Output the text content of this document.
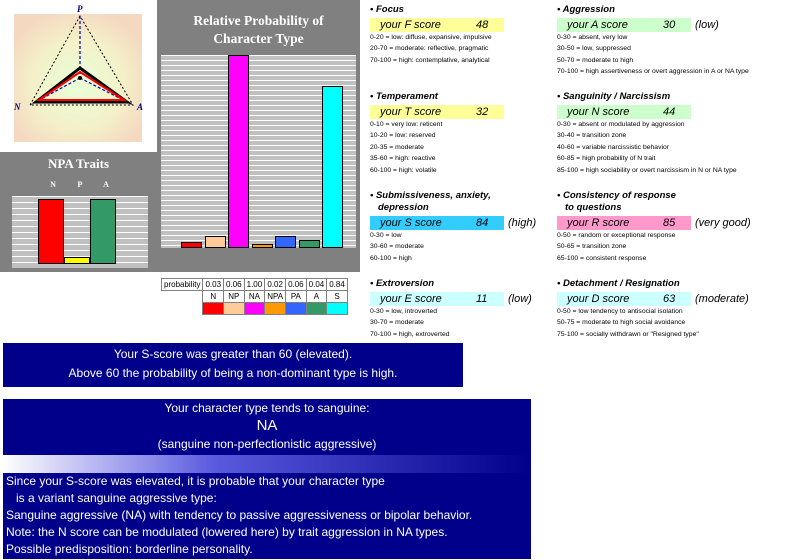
P
N	A
NPA Traits
N	P	A
Relative Probability of
Character Type
probability	0.03	0.06	1.00	0.02	0.06	0.04	0.84
	N	NP	NA	NPA	PA	A	S

• Focus
your F score	48
0-20 = low: diffuse, expansive, impulsive
20-70 = moderate: reflective, pragmatic
70-100 = high: contemplative, analytical
• Temperament
your T score	32
0-10 = very low: reticent
10-20 = low: reserved
20-35 = moderate
35-60 = high: reactive
60-100 = high: volatile
• Submissiveness, anxiety,
depression
your S score	84 (high)
0-30 = low
30-60 = moderate
60-100 = high
• Extroversion
your E score	11 (low)
0-30 = low, introverted
30-70 = moderate
70-100 = high, extroverted
• Aggression
your A score	30 (low)
0-30 = absent, very low
30-50 = low, suppressed
50-70 = moderate to high
70-100 = high assertiveness or overt aggression in A or NA type
• Sanguinity / Narcissism
your N score	44
0-30 = absent or modulated by aggression
30-40 = transition zone
40-60 = variable narcissistic behavior
60-85 = high probability of N trait
85-100 = high sociability or overt narcissism in N or NA type
• Consistency of response
to questions
your R score	85 (very good)
0-50 = random or exceptional response
50-65 = transition zone
65-100 = consistent response
• Detachment / Resignation
your D score	63 (moderate)
0-50 = low tendency to antisocial isolation
50-75 = moderate to high social avoidance
75-100 = socially withdrawn or "Resigned type"
Your S-score was greater than 60 (elevated).
Above 60 the probability of being a non-dominant type is high.
Your character type tends to sanguine:
NA
(sanguine non-perfectionistic aggressive)
Since your S-score was elevated, it is probable that your character type
is a variant sanguine aggressive type:
Sanguine aggressive (NA) with tendency to passive aggressiveness or bipolar behavior.
Note: the N score can be modulated (lowered here) by trait aggression in NA types.
Possible predisposition: borderline personality.
